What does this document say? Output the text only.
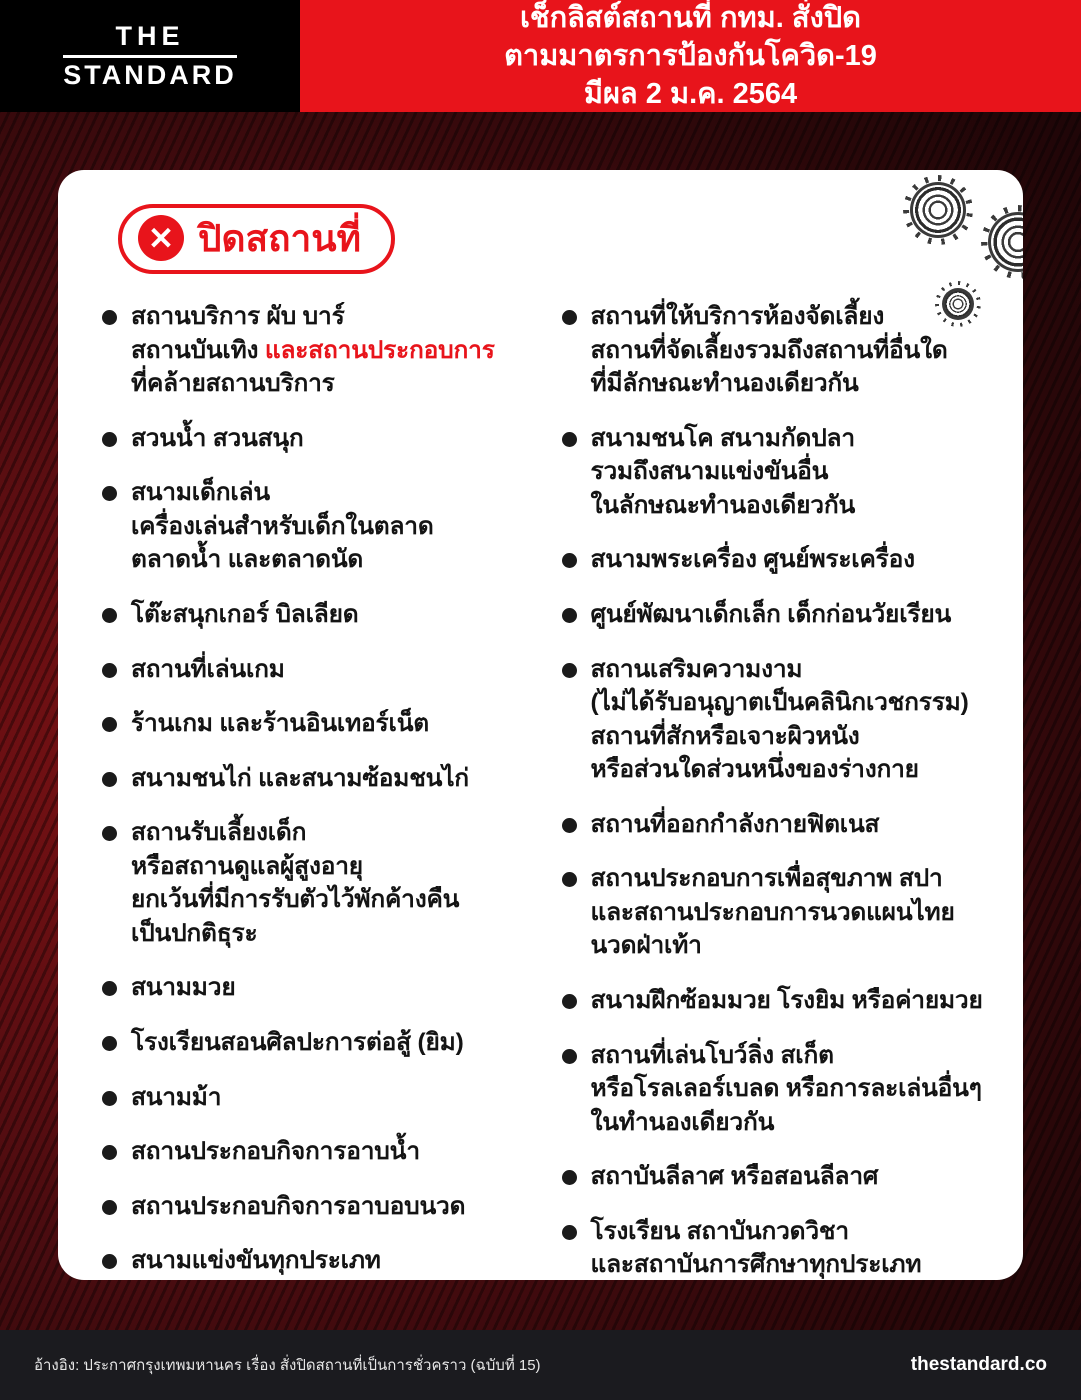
THE
STANDARD
เช็กลิสต์สถานที่ กทม. สั่งปิด
ตามมาตรการป้องกันโควิด-19
มีผล 2 ม.ค. 2564
✕ ปิดสถานที่
สถานบริการ ผับ บาร์
สถานบันเทิง และสถานประกอบการ
ที่คล้ายสถานบริการ
สวนน้ำ สวนสนุก
สนามเด็กเล่น
เครื่องเล่นสำหรับเด็กในตลาด
ตลาดน้ำ และตลาดนัด
โต๊ะสนุกเกอร์ บิลเลียด
สถานที่เล่นเกม
ร้านเกม และร้านอินเทอร์เน็ต
สนามชนไก่ และสนามซ้อมชนไก่
สถานรับเลี้ยงเด็ก
หรือสถานดูแลผู้สูงอายุ
ยกเว้นที่มีการรับตัวไว้พักค้างคืน
เป็นปกติธุระ
สนามมวย
โรงเรียนสอนศิลปะการต่อสู้ (ยิม)
สนามม้า
สถานประกอบกิจการอาบน้ำ
สถานประกอบกิจการอาบอบนวด
สนามแข่งขันทุกประเภท
สถานที่ให้บริการห้องจัดเลี้ยง
สถานที่จัดเลี้ยงรวมถึงสถานที่อื่นใด
ที่มีลักษณะทำนองเดียวกัน
สนามชนโค สนามกัดปลา
รวมถึงสนามแข่งขันอื่น
ในลักษณะทำนองเดียวกัน
สนามพระเครื่อง ศูนย์พระเครื่อง
ศูนย์พัฒนาเด็กเล็ก เด็กก่อนวัยเรียน
สถานเสริมความงาม
(ไม่ได้รับอนุญาตเป็นคลินิกเวชกรรม)
สถานที่สักหรือเจาะผิวหนัง
หรือส่วนใดส่วนหนึ่งของร่างกาย
สถานที่ออกกำลังกายฟิตเนส
สถานประกอบการเพื่อสุขภาพ สปา
และสถานประกอบการนวดแผนไทย
นวดฝ่าเท้า
สนามฝึกซ้อมมวย โรงยิม หรือค่ายมวย
สถานที่เล่นโบว์ลิ่ง สเก็ต
หรือโรลเลอร์เบลด หรือการละเล่นอื่นๆ
ในทำนองเดียวกัน
สถาบันลีลาศ หรือสอนลีลาศ
โรงเรียน สถาบันกวดวิชา
และสถาบันการศึกษาทุกประเภท
อ้างอิง: ประกาศกรุงเทพมหานคร เรื่อง สั่งปิดสถานที่เป็นการชั่วคราว (ฉบับที่ 15)	thestandard.co
